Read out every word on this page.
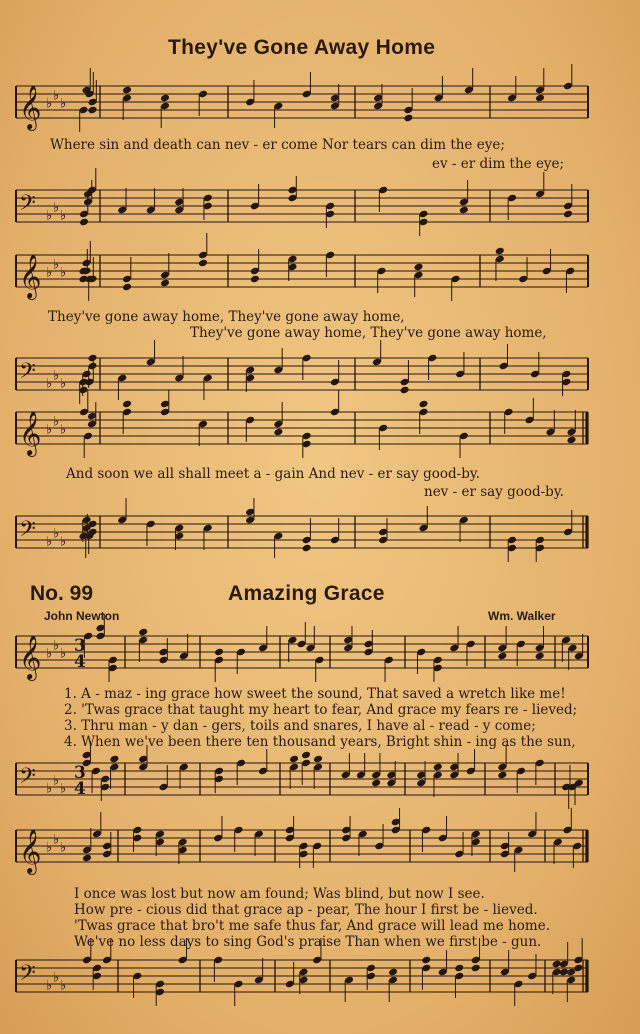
𝄞 ♭
♭
♭
𝄢 ♭
♭
♭
𝄞 ♭
♭
♭
𝄢 ♭
♭
♭
𝄞 ♭
♭
♭
𝄢 ♭
♭
♭
𝄞 ♭
♭
♭
𝄢 ♭
♭
♭
𝄞 ♭
♭
♭
𝄢 ♭
♭
♭
3
4
3
4
They've Gone Away Home
Where sin and death can nev - er come Nor tears can dim the eye;
ev - er dim the eye;
They've gone away home, They've gone away home,
They've gone away home, They've gone away home,
And soon we all shall meet a - gain And nev - er say good-by.
nev - er say good-by.
No. 99	Amazing Grace
John Newton	Wm. Walker
1. A - maz - ing grace how sweet the sound, That saved a wretch like me!
2. 'Twas grace that taught my heart to fear, And grace my fears re - lieved;
3. Thru man - y dan - gers, toils and snares, I have al - read - y come;
4. When we've been there ten thousand years, Bright shin - ing as the sun,
I once was lost but now am found; Was blind, but now I see.
How pre - cious did that grace ap - pear, The hour I first be - lieved.
'Twas grace that bro't me safe thus far, And grace will lead me home.
We've no less days to sing God's praise Than when we first be - gun.
